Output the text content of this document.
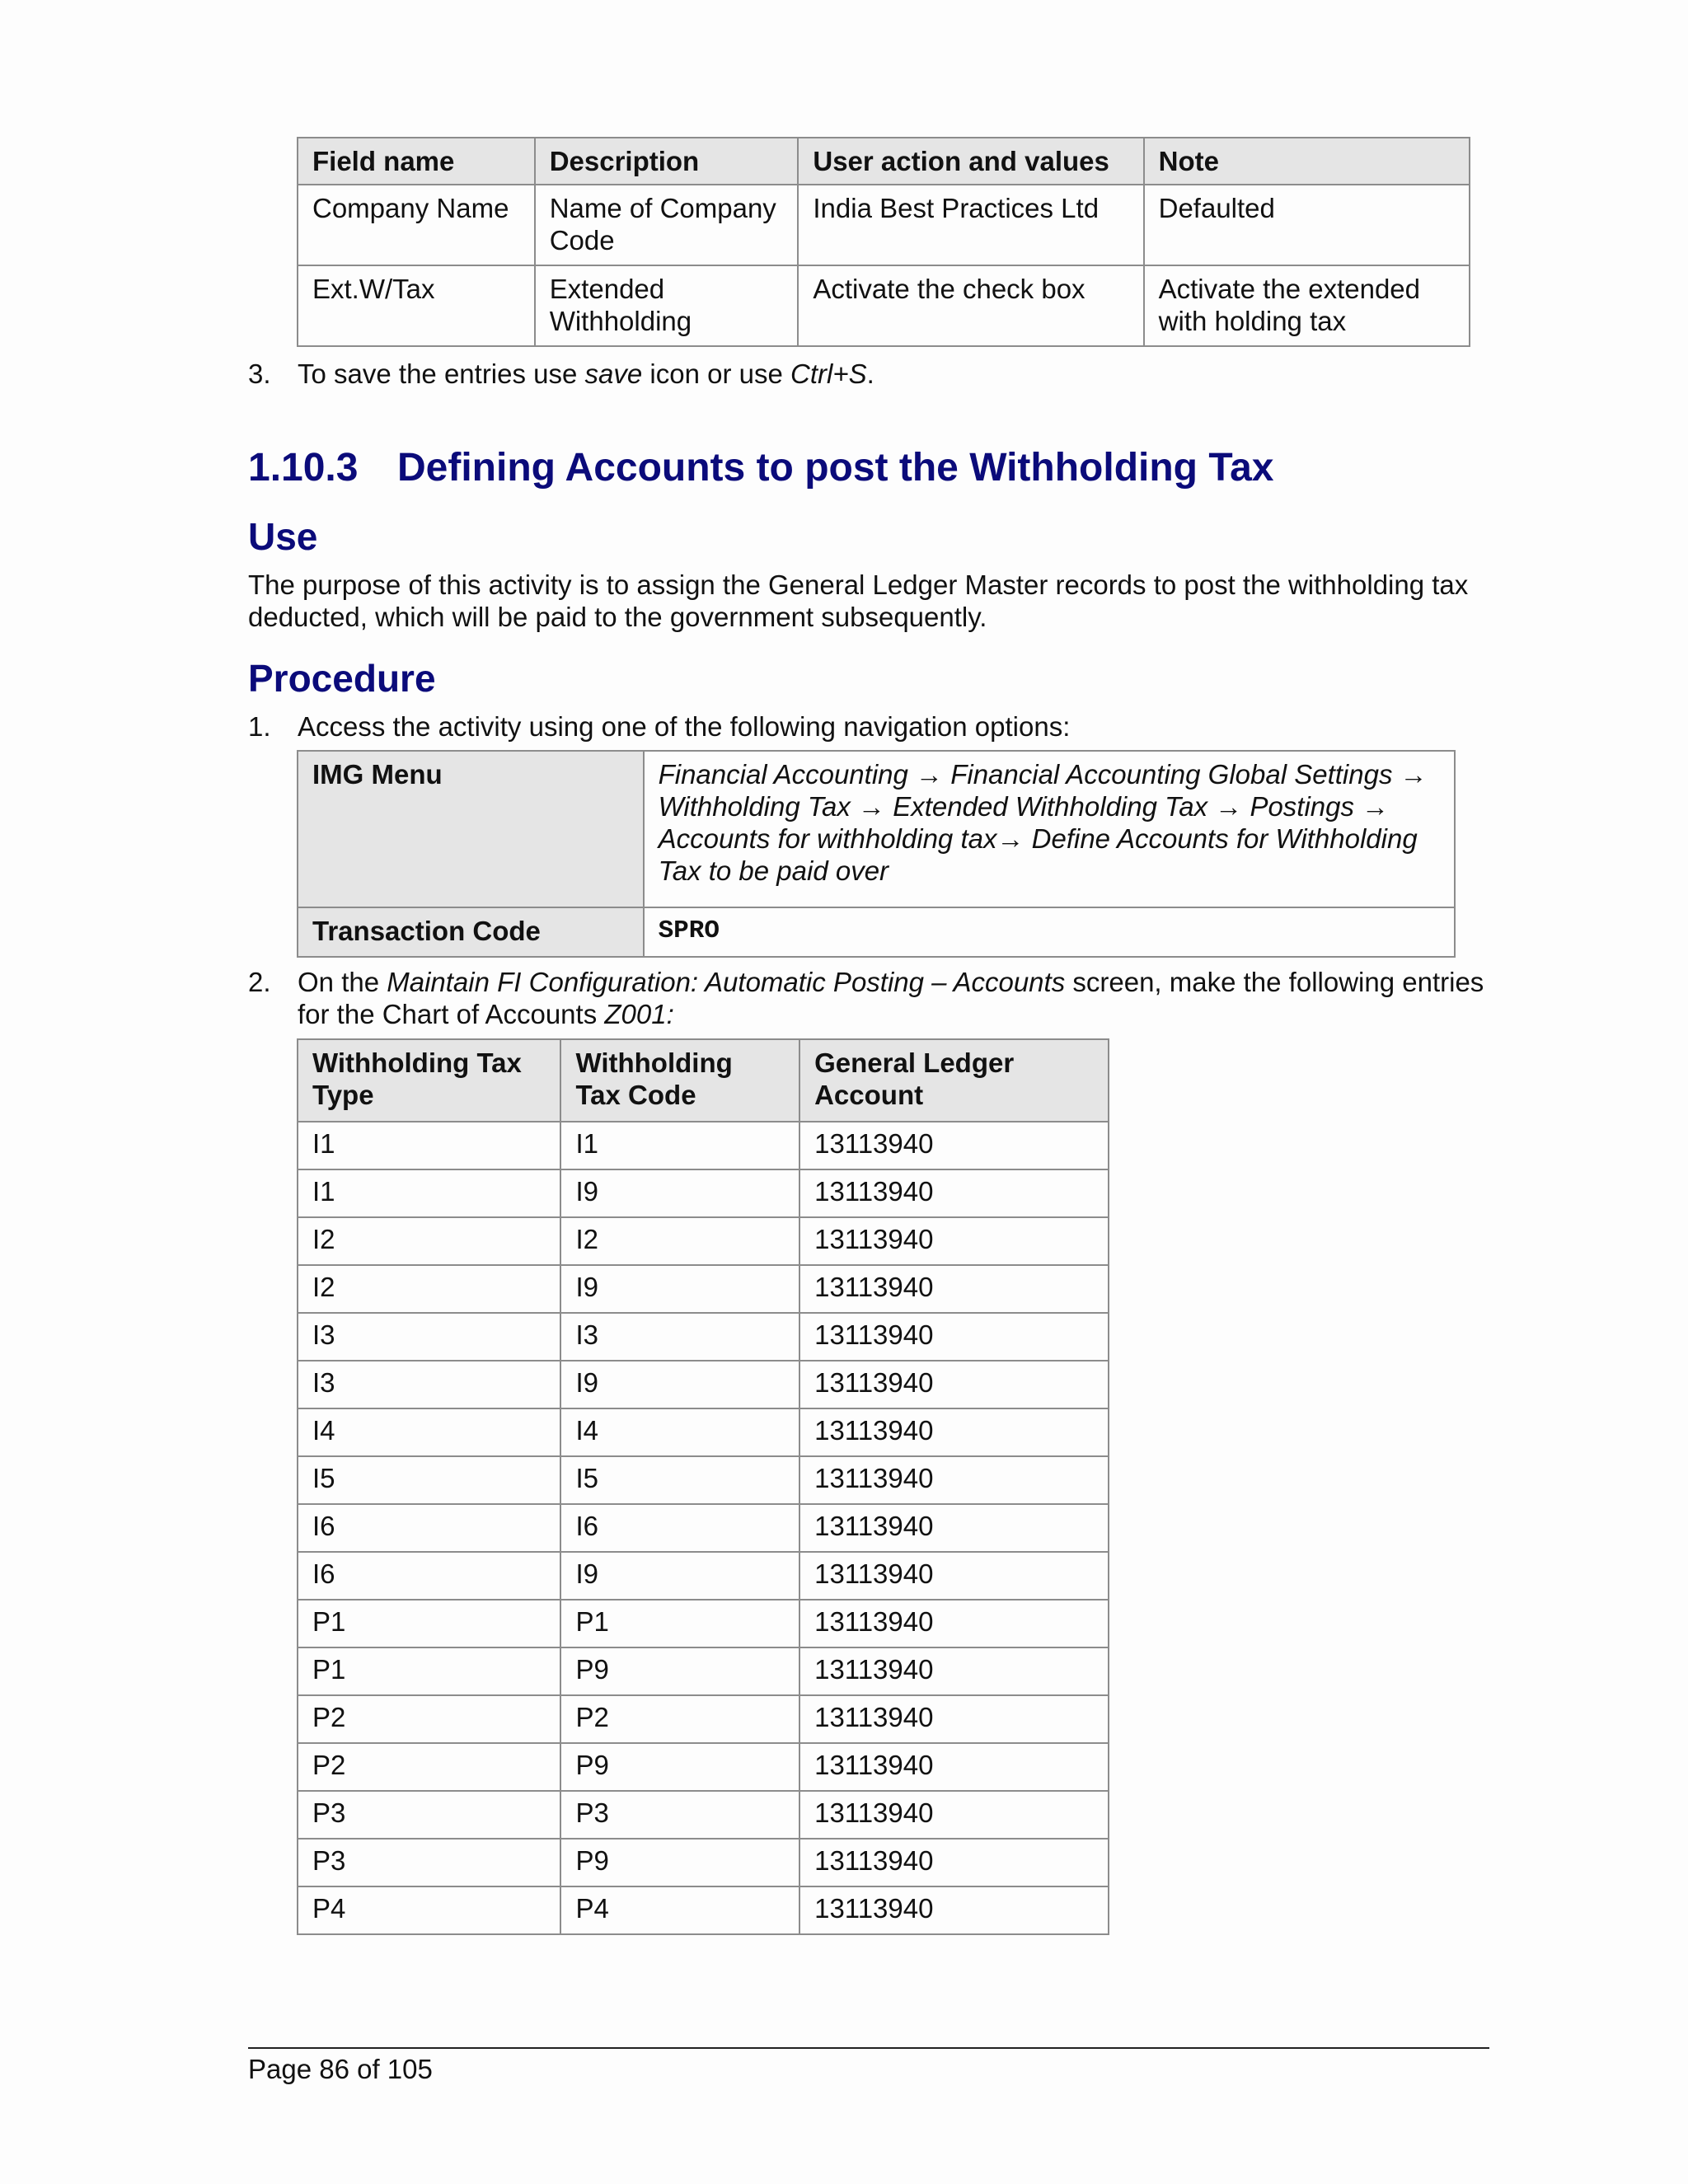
Field name	Description	User action and values	Note
Company Name	Name of Company Code	India Best Practices Ltd	Defaulted
Ext.W/Tax	Extended Withholding	Activate the check box	Activate the extended with holding tax
3. To save the entries use save icon or use Ctrl+S.
1.10.3 Defining Accounts to post the Withholding Tax
Use

The purpose of this activity is to assign the General Ledger Master records to post the withholding tax deducted, which will be paid to the government subsequently.

Procedure
1. Access the activity using one of the following navigation options:
IMG Menu	Financial Accounting → Financial Accounting Global Settings → Withholding Tax → Extended Withholding Tax → Postings → Accounts for withholding tax→ Define Accounts for Withholding Tax to be paid over
Transaction Code	SPRO
2. On the Maintain FI Configuration: Automatic Posting – Accounts screen, make the following entries for the Chart of Accounts Z001:
Withholding Tax Type	Withholding Tax Code	General Ledger Account
I1	I1	13113940
I1	I9	13113940
I2	I2	13113940
I2	I9	13113940
I3	I3	13113940
I3	I9	13113940
I4	I4	13113940
I5	I5	13113940
I6	I6	13113940
I6	I9	13113940
P1	P1	13113940
P1	P9	13113940
P2	P2	13113940
P2	P9	13113940
P3	P3	13113940
P3	P9	13113940
P4	P4	13113940
Page 86 of 105
